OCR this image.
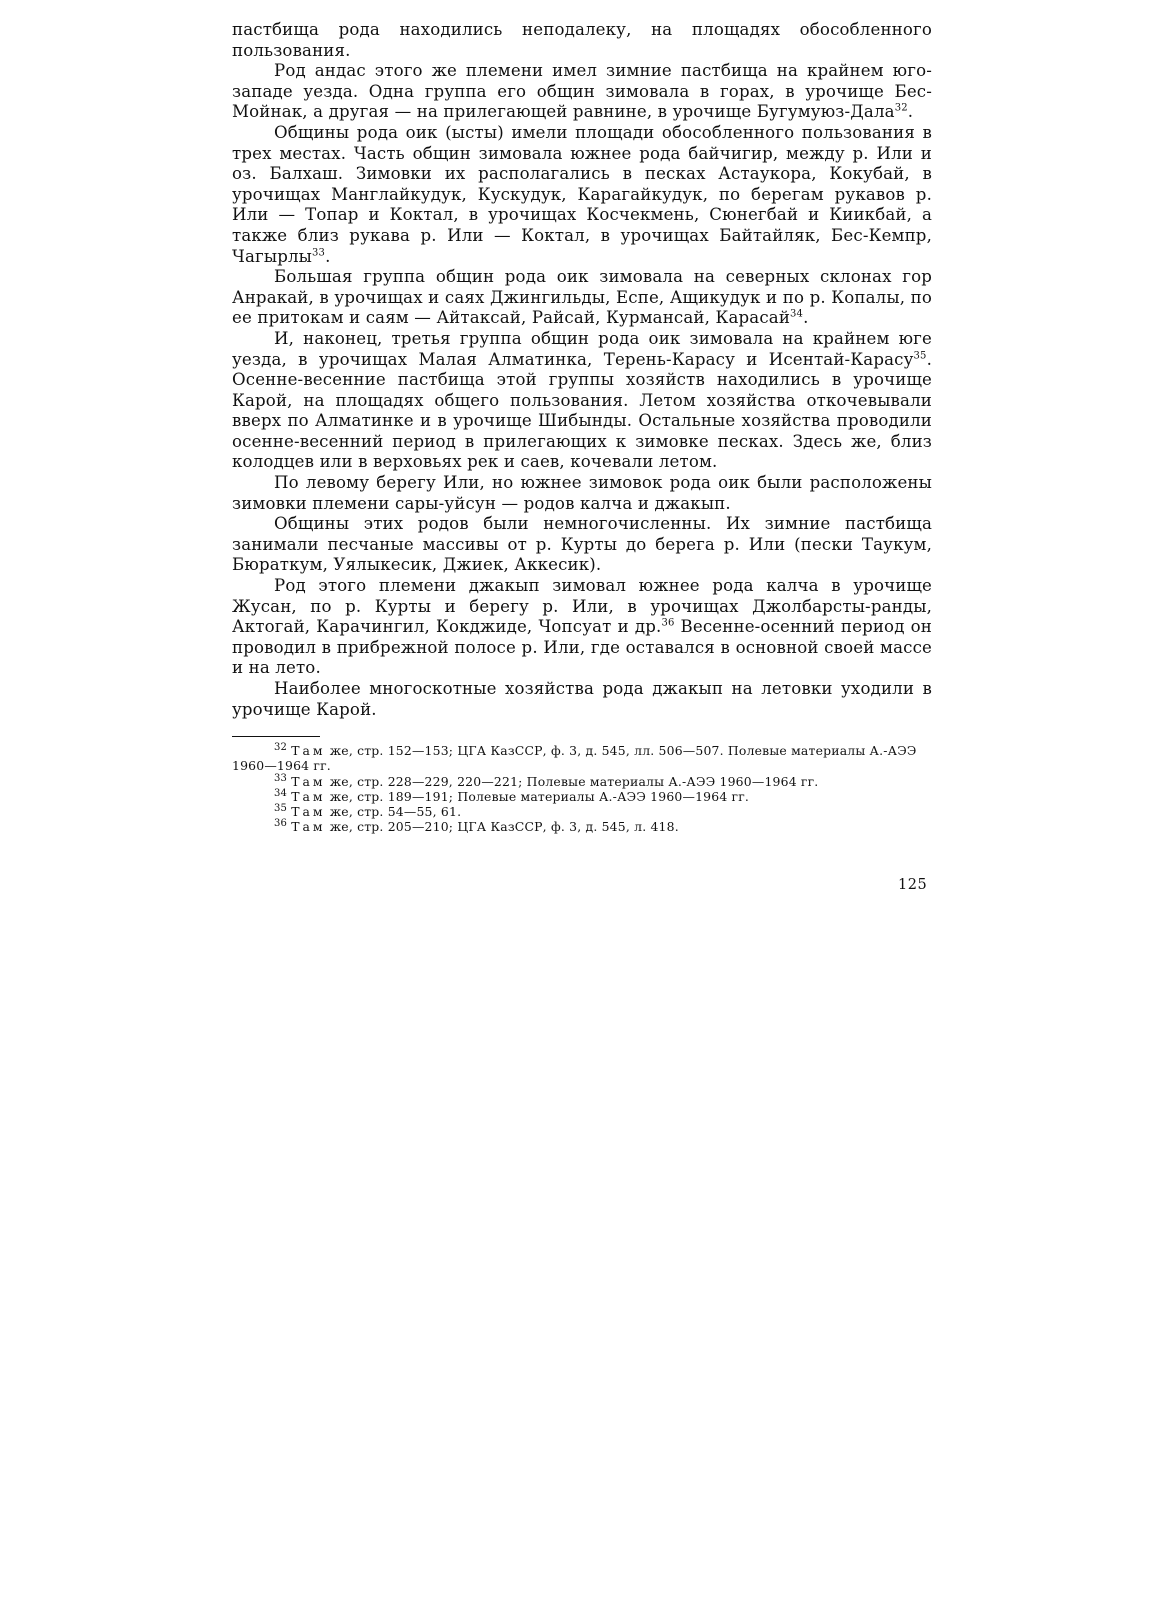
пастбища рода находились неподалеку, на площадях обособленного пользования.

Род андас этого же племени имел зимние пастбища на крайнем юго-западе уезда. Одна группа его общин зимовала в горах, в урочище Бес-Мойнак, а другая — на прилегающей равнине, в урочище Бугумуюз-Дала$^{32}$.

Общины рода оик (ысты) имели площади обособленного пользования в трех местах. Часть общин зимовала южнее рода байчигир, между р. Или и оз. Балхаш. Зимовки их располагались в песках Астаукора, Кокубай, в урочищах Манглайкудук, Кускудук, Карагайкудук, по берегам рукавов р. Или — Топар и Коктал, в урочищах Косчекмень, Сюнегбай и Киикбай, а также близ рукава р. Или — Коктал, в урочищах Байтайляк, Бес-Кемпр, Чагырлы$^{33}$.

Большая группа общин рода оик зимовала на северных склонах гор Анракай, в урочищах и саях Джингильды, Еспе, Ащикудук и по р. Копалы, по ее притокам и саям — Айтаксай, Райсай, Курмансай, Карасай$^{34}$.

И, наконец, третья группа общин рода оик зимовала на крайнем юге уезда, в урочищах Малая Алматинка, Терень-Карасу и Исентай-Карасу$^{35}$. Осенне-весенние пастбища этой группы хозяйств находились в урочище Карой, на площадях общего пользования. Летом хозяйства откочевывали вверх по Алматинке и в урочище Шибынды. Остальные хозяйства проводили осенне-весенний период в прилегающих к зимовке песках. Здесь же, близ колодцев или в верховьях рек и саев, кочевали летом.

По левому берегу Или, но южнее зимовок рода оик были расположены зимовки племени сары-уйсун — родов калча и джакып.

Общины этих родов были немногочисленны. Их зимние пастбища занимали песчаные массивы от р. Курты до берега р. Или (пески Таукум, Бюраткум, Уялыкесик, Джиек, Аккесик).

Род этого племени джакып зимовал южнее рода калча в урочище Жусан, по р. Курты и берегу р. Или, в урочищах Джолбарсты-ранды, Актогай, Карачингил, Кокджиде, Чопсуат и др.$^{36}$ Весенне-осенний период он проводил в прибрежной полосе р. Или, где оставался в основной своей массе и на лето.

Наиболее многоскотные хозяйства рода джакып на летовки уходили в урочище Карой.

$^{32}$ Там же, стр. 152—153; ЦГА КазССР, ф. 3, д. 545, лл. 506—507. Полевые материалы А.-АЭЭ 1960—1964 гг.

$^{33}$ Там же, стр. 228—229, 220—221; Полевые материалы А.-АЭЭ 1960—1964 гг.

$^{34}$ Там же, стр. 189—191; Полевые материалы А.-АЭЭ 1960—1964 гг.

$^{35}$ Там же, стр. 54—55, 61.

$^{36}$ Там же, стр. 205—210; ЦГА КазССР, ф. 3, д. 545, л. 418.

125
